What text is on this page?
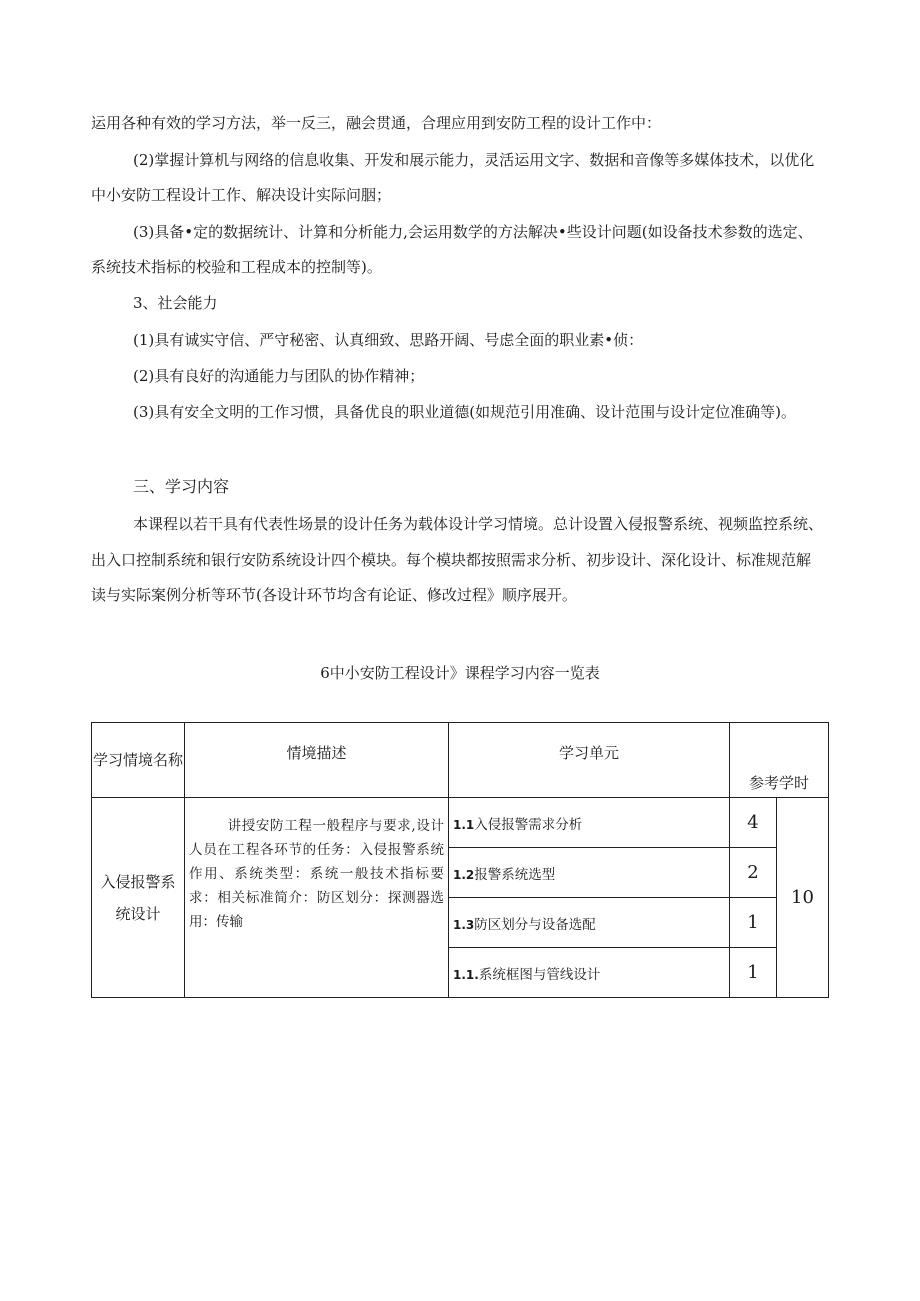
运用各种有效的学习方法，举一反三，融会贯通，合理应用到安防工程的设计工作中：
(2)掌握计算机与网络的信息收集、开发和展示能力，灵活运用文字、数据和音像等多媒体技术，以优化
中小安防工程设计工作、解决设计实际问胭；
(3)具备•定的数据统计、计算和分析能力,会运用数学的方法解决•些设计问题(如设备技术参数的选定、
系统技术指标的校验和工程成本的控制等)。
3、社会能力
(1)具有诚实守信、严守秘密、认真细致、思路开阔、号虑全面的职业素•侦：
(2)具有良好的沟通能力与团队的协作精神；
(3)具有安全文明的工作习惯，具备优良的职业道德(如规范引用准确、设计范围与设计定位准确等)。
三、学习内容
本课程以若干具有代表性场景的设计任务为载体设计学习情境。总计设置入侵报警系统、视频监控系统、
出入口控制系统和银行安防系统设计四个模块。每个模块都按照需求分析、初步设计、深化设计、标准规范解
读与实际案例分析等环节(各设计环节均含有论证、修改过程》顺序展开。
6中小安防工程设计》课程学习内容一览表
学习情境名称	情境描述	学习单元	参考学时	
入侵报警系统设计	讲授安防工程一般程序与要求,设计人员在工程各环节的任务：入侵报警系统作用、系统类型：系统一般技术指标要求：相关标准简介：防区划分：探测器选用：传输	1.1入侵报警需求分析	4	10
		1.2报警系统选型	2	
		1.3防区划分与设备选配	1	
		1.1.系统框图与管线设计	1	
